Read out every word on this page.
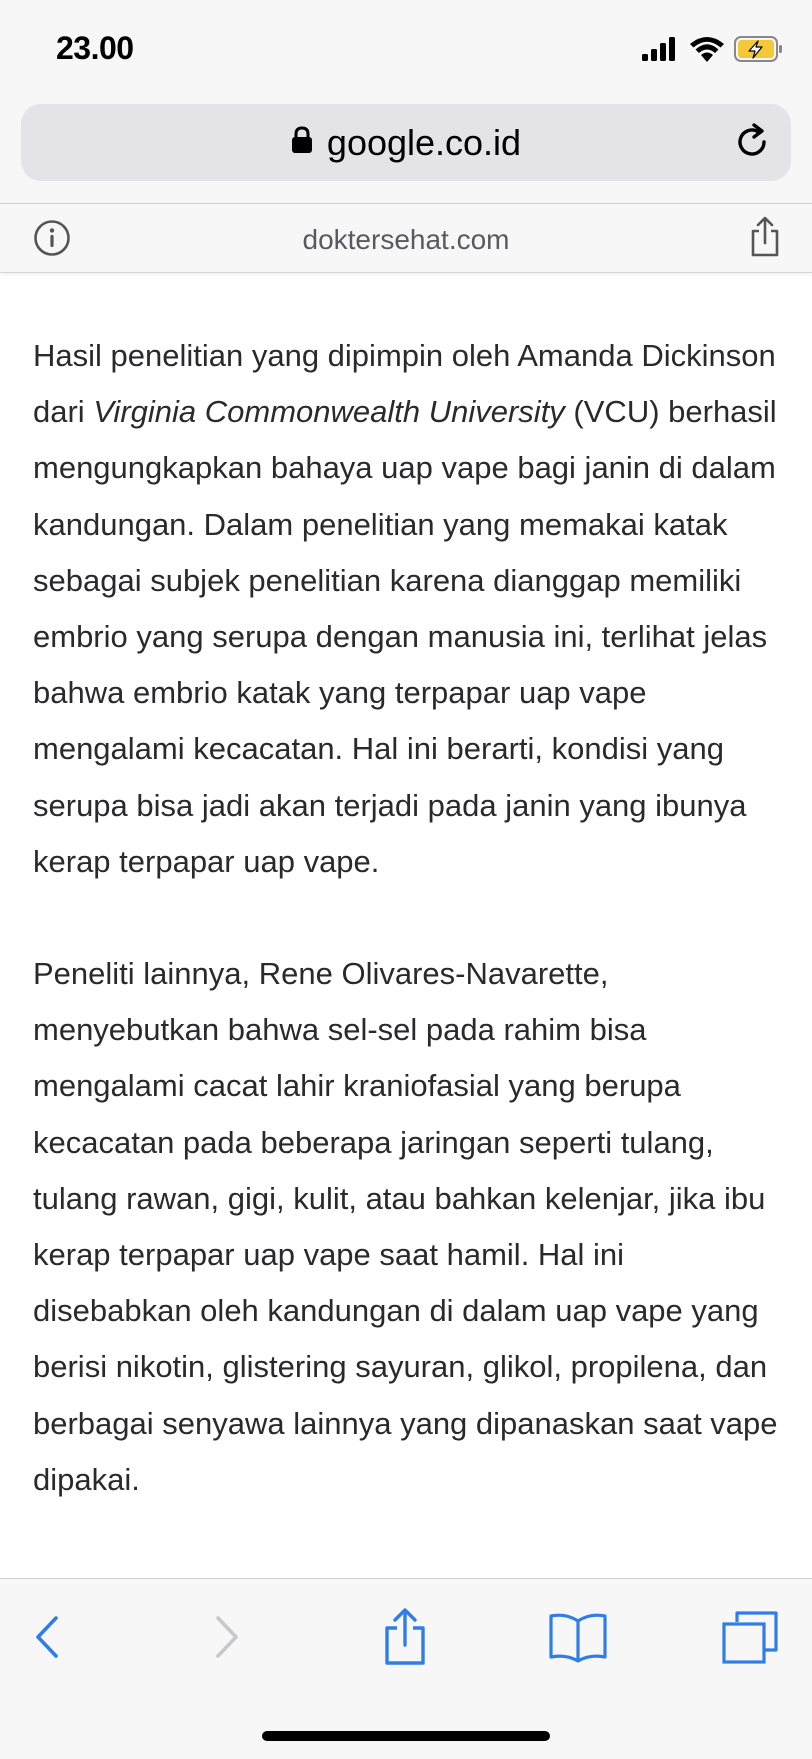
23.00
google.co.id
doktersehat.com

Hasil penelitian yang dipimpin oleh Amanda Dickinson dari Virginia Commonwealth University (VCU) berhasil mengungkapkan bahaya uap vape bagi janin di dalam kandungan. Dalam penelitian yang memakai katak sebagai subjek penelitian karena dianggap memiliki embrio yang serupa dengan manusia ini, terlihat jelas bahwa embrio katak yang terpapar uap vape mengalami kecacatan. Hal ini berarti, kondisi yang serupa bisa jadi akan terjadi pada janin yang ibunya kerap terpapar uap vape.

Peneliti lainnya, Rene Olivares-Navarette, menyebutkan bahwa sel-sel pada rahim bisa mengalami cacat lahir kraniofasial yang berupa kecacatan pada beberapa jaringan seperti tulang, tulang rawan, gigi, kulit, atau bahkan kelenjar, jika ibu kerap terpapar uap vape saat hamil. Hal ini disebabkan oleh kandungan di dalam uap vape yang berisi nikotin, glistering sayuran, glikol, propilena, dan berbagai senyawa lainnya yang dipanaskan saat vape dipakai.
